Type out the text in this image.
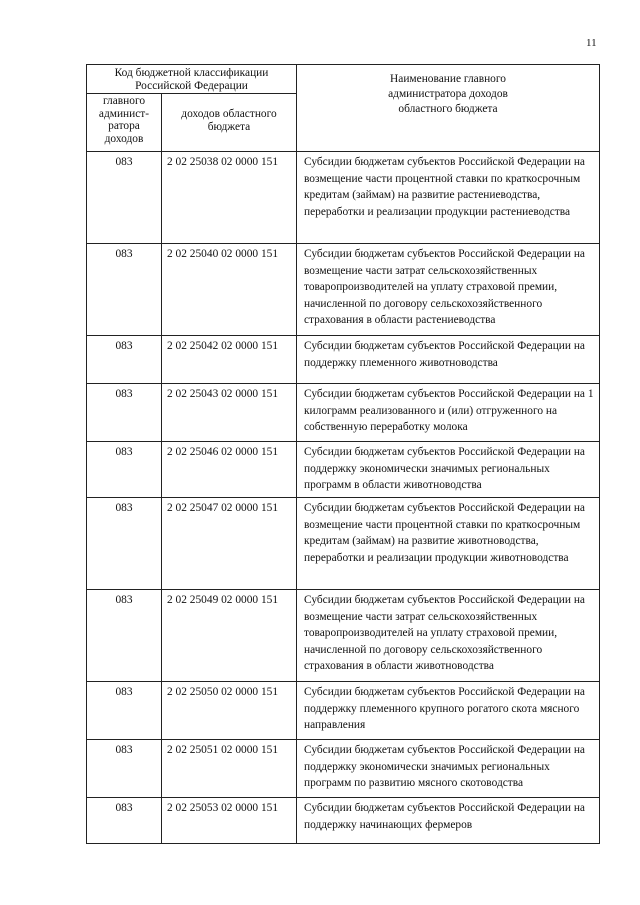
11
Код бюджетной классификации Российской Федерации		Наименование главного администратора доходов областного бюджета

главного админист-ратора доходов	доходов областного бюджета	

083	2 02 25038 02 0000 151	Субсидии бюджетам субъектов Российской Федерации на возмещение части процентной ставки по краткосрочным кредитам (займам) на развитие растениеводства, переработки и реализации продукции растениеводства
083	2 02 25040 02 0000 151	Субсидии бюджетам субъектов Российской Федерации на возмещение части затрат сельскохозяйственных товаропроизводителей на уплату страховой премии, начисленной по договору сельскохозяйственного страхования в области растениеводства
083	2 02 25042 02 0000 151	Субсидии бюджетам субъектов Российской Федерации на поддержку племенного животноводства
083	2 02 25043 02 0000 151	Субсидии бюджетам субъектов Российской Федерации на 1 килограмм реализованного и (или) отгруженного на собственную переработку молока
083	2 02 25046 02 0000 151	Субсидии бюджетам субъектов Российской Федерации на поддержку экономически значимых региональных программ в области животноводства
083	2 02 25047 02 0000 151	Субсидии бюджетам субъектов Российской Федерации на возмещение части процентной ставки по краткосрочным кредитам (займам) на развитие животноводства, переработки и реализации продукции животноводства
083	2 02 25049 02 0000 151	Субсидии бюджетам субъектов Российской Федерации на возмещение части затрат сельскохозяйственных товаропроизводителей на уплату страховой премии, начисленной по договору сельскохозяйственного страхования в области животноводства
083	2 02 25050 02 0000 151	Субсидии бюджетам субъектов Российской Федерации на поддержку племенного крупного рогатого скота мясного направления
083	2 02 25051 02 0000 151	Субсидии бюджетам субъектов Российской Федерации на поддержку экономически значимых региональных программ по развитию мясного скотоводства
083	2 02 25053 02 0000 151	Субсидии бюджетам субъектов Российской Федерации на поддержку начинающих фермеров
